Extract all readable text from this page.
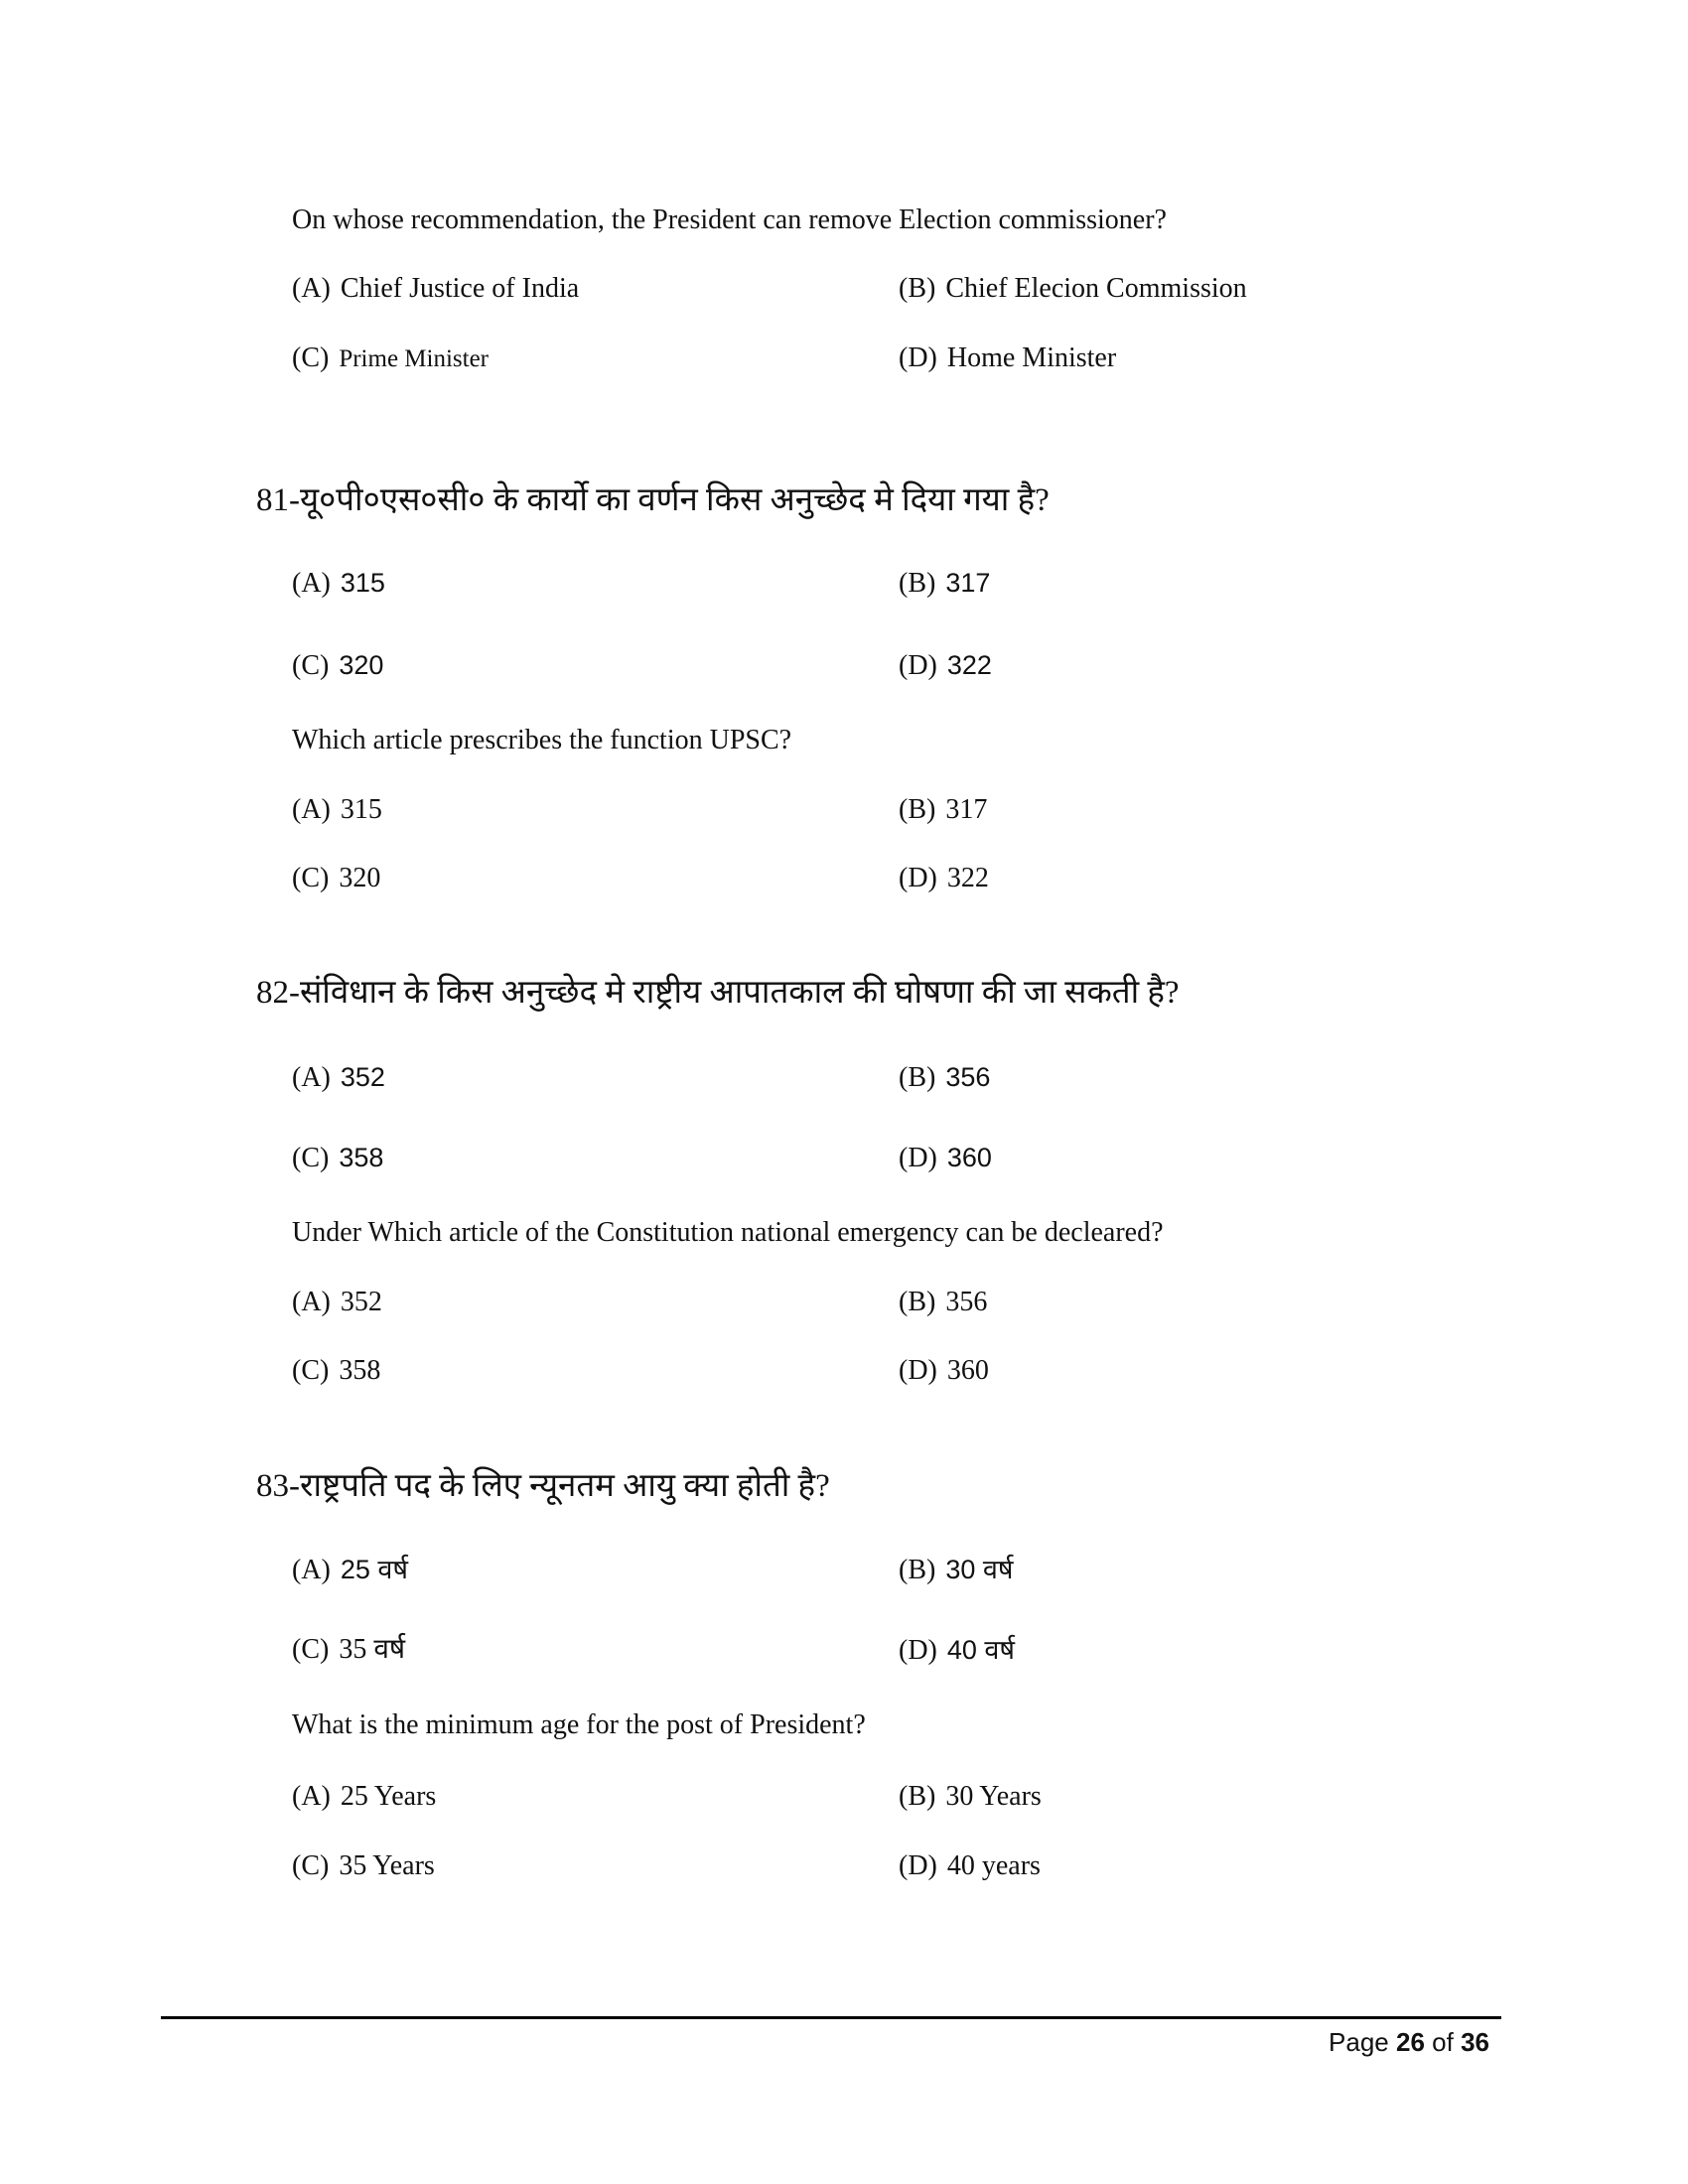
On whose recommendation, the President can remove Election commissioner?
(A) Chief Justice of India	(B) Chief Elecion Commission
(C) Prime Minister	(D) Home Minister
81-यू०पी०एस०सी० के कार्यो का वर्णन किस अनुच्छेद मे दिया गया है?
(A) 315	(B) 317
(C) 320	(D) 322
Which article prescribes the function UPSC?
(A) 315	(B) 317
(C) 320	(D) 322
82-संविधान के किस अनुच्छेद मे राष्ट्रीय आपातकाल की घोषणा की जा सकती है?
(A) 352	(B) 356
(C) 358	(D) 360
Under Which article of the Constitution national emergency can be decleared?
(A) 352	(B) 356
(C) 358	(D) 360
83-राष्ट्रपति पद के लिए न्यूनतम आयु क्या होती है?
(A) 25 वर्ष	(B) 30 वर्ष
(C) 35 वर्ष	(D) 40 वर्ष
What is the minimum age for the post of President?
(A) 25 Years	(B) 30 Years
(C) 35 Years	(D) 40 years
Page 26 of 36
